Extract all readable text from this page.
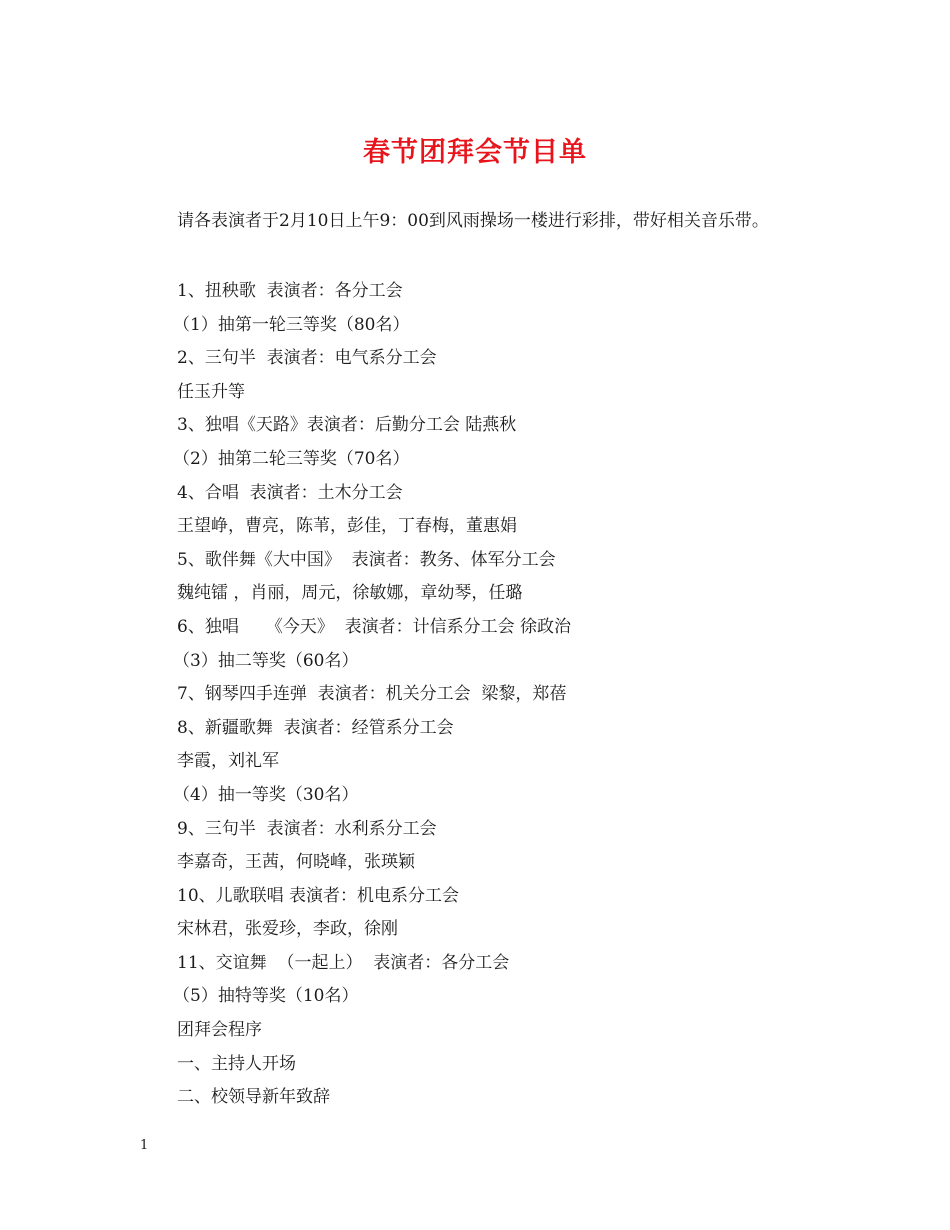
春节团拜会节目单

请各表演者于2月10日上午9：00到风雨操场一楼进行彩排，带好相关音乐带。

1、扭秧歌  表演者：各分工会
（1）抽第一轮三等奖（80名）
2、三句半  表演者：电气系分工会
任玉升等
3、独唱《天路》表演者：后勤分工会 陆燕秋
（2）抽第二轮三等奖（70名）
4、合唱  表演者：土木分工会
王望峥，曹亮，陈苇，彭佳，丁春梅，董惠娟
5、歌伴舞《大中国》  表演者：教务、体军分工会
魏纯镭 ，肖丽，周元，徐敏娜，章幼琴，任璐
6、独唱     《今天》  表演者：计信系分工会 徐政治
（3）抽二等奖（60名）
7、钢琴四手连弹  表演者：机关分工会  梁黎，郑蓓
8、新疆歌舞  表演者：经管系分工会
李霞，刘礼军
（4）抽一等奖（30名）
9、三句半  表演者：水利系分工会
李嘉奇，王茜，何晓峰，张瑛颖
10、儿歌联唱 表演者：机电系分工会
宋林君，张爱珍，李政，徐刚
11、交谊舞  （一起上）  表演者：各分工会
（5）抽特等奖（10名）
团拜会程序
一、主持人开场
二、校领导新年致辞
1
